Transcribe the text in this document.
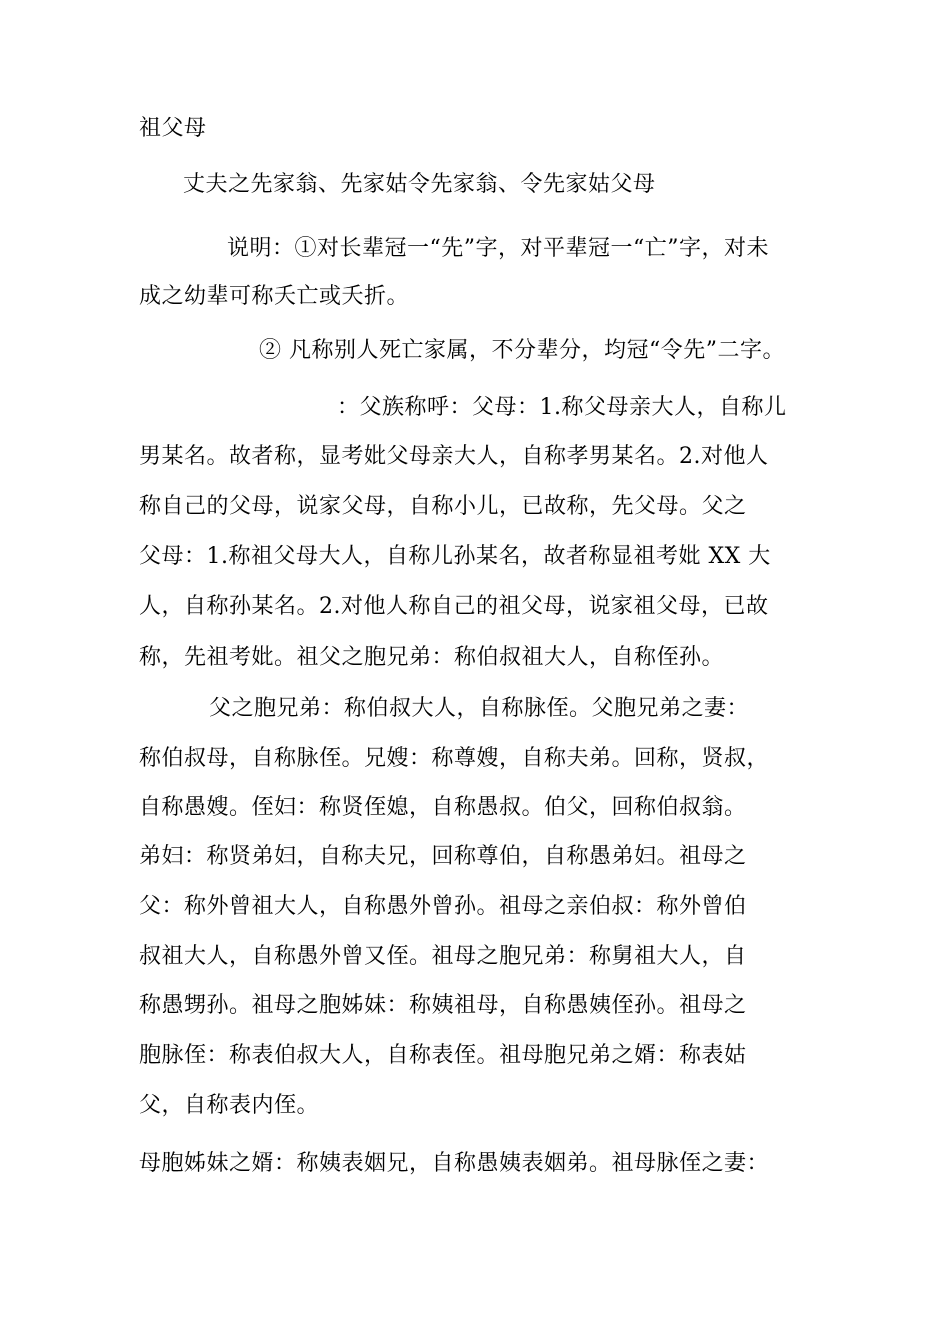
祖父母
丈夫之先家翁、先家姑令先家翁、令先家姑父母
说明：①对长辈冠一“先”字，对平辈冠一“亡”字，对未
成之幼辈可称夭亡或夭折。
② 凡称别人死亡家属，不分辈分，均冠“令先”二字。
：父族称呼：父母：1.称父母亲大人，自称儿
男某名。故者称，显考妣父母亲大人，自称孝男某名。2.对他人
称自己的父母，说家父母，自称小儿，已故称，先父母。父之
父母：1.称祖父母大人，自称儿孙某名，故者称显祖考妣 XX 大
人，自称孙某名。2.对他人称自己的祖父母，说家祖父母，已故
称，先祖考妣。祖父之胞兄弟：称伯叔祖大人，自称侄孙。
父之胞兄弟：称伯叔大人，自称脉侄。父胞兄弟之妻：
称伯叔母，自称脉侄。兄嫂：称尊嫂，自称夫弟。回称，贤叔，
自称愚嫂。侄妇：称贤侄媳，自称愚叔。伯父，回称伯叔翁。
弟妇：称贤弟妇，自称夫兄，回称尊伯，自称愚弟妇。祖母之
父：称外曾祖大人，自称愚外曾孙。祖母之亲伯叔：称外曾伯
叔祖大人，自称愚外曾又侄。祖母之胞兄弟：称舅祖大人，自
称愚甥孙。祖母之胞姊妹：称姨祖母，自称愚姨侄孙。祖母之
胞脉侄：称表伯叔大人，自称表侄。祖母胞兄弟之婿：称表姑
父，自称表内侄。
母胞姊妹之婿：称姨表姻兄，自称愚姨表姻弟。祖母脉侄之妻：
